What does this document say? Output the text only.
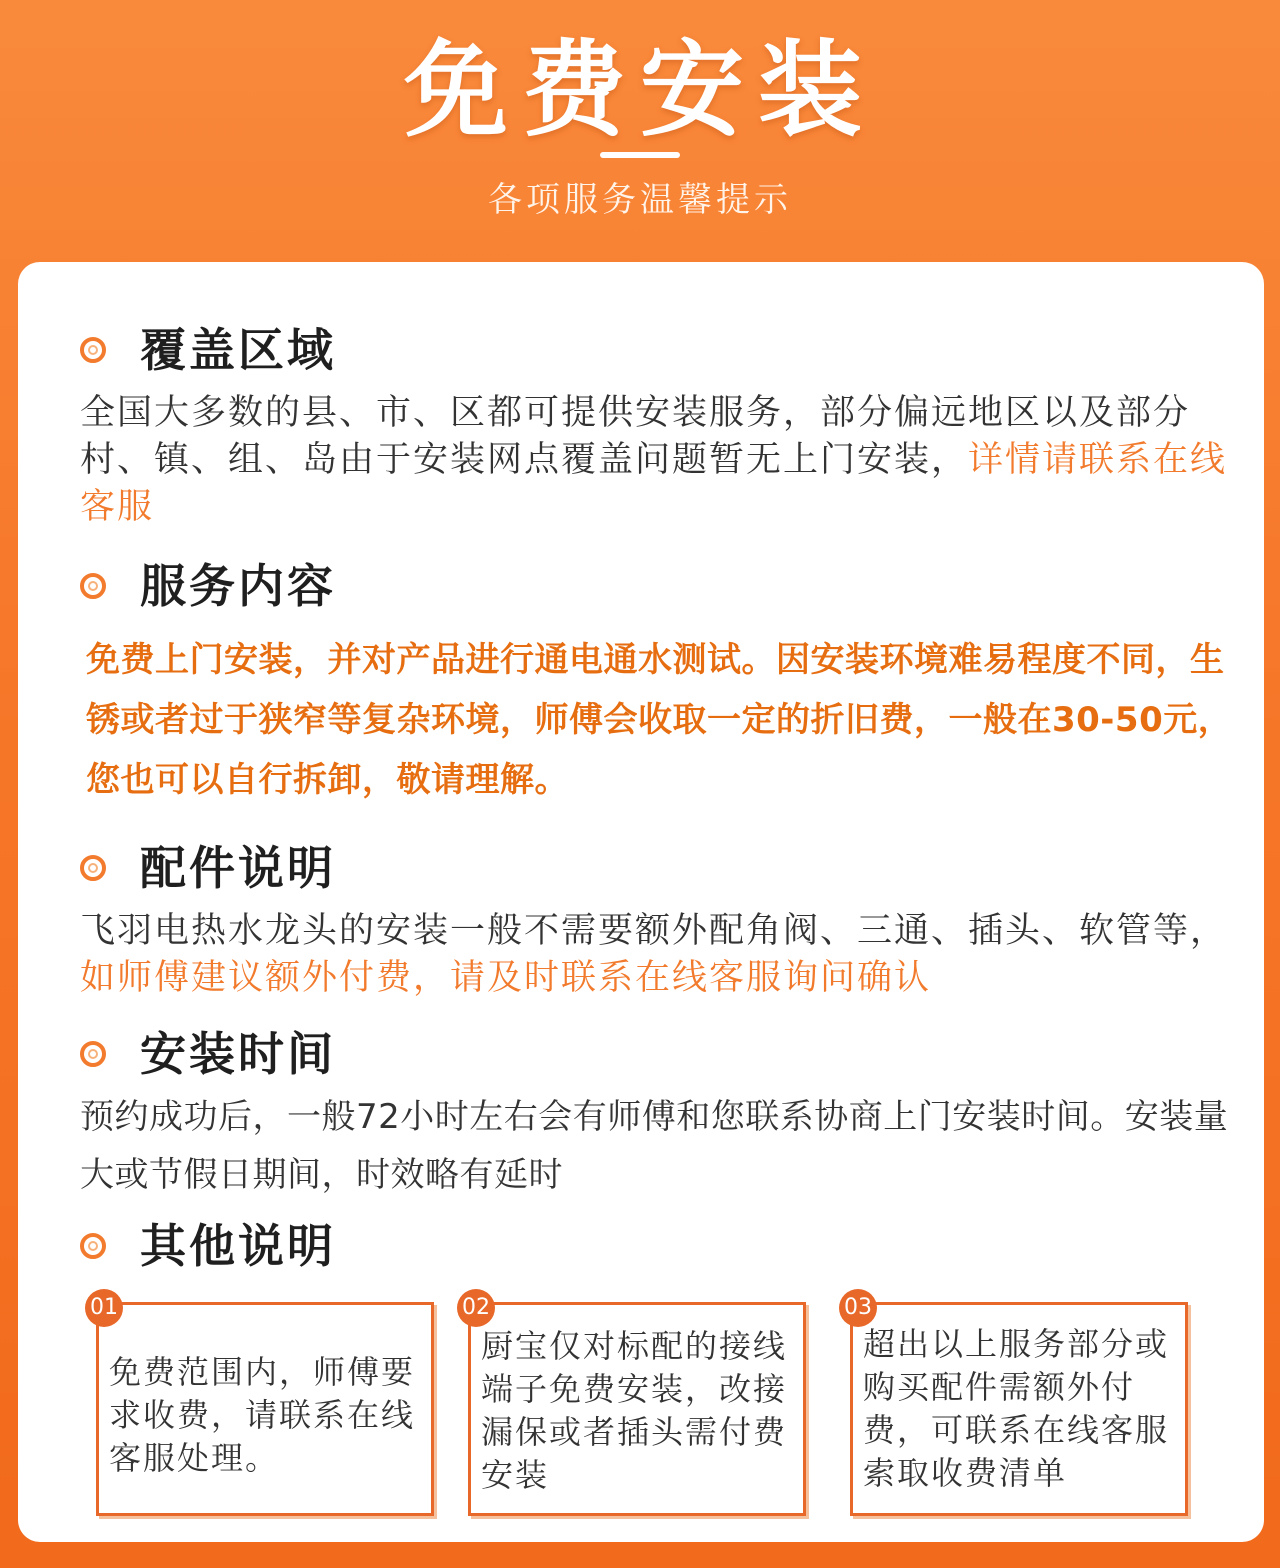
免费安装
各项服务温馨提示
覆盖区域
全国大多数的县、市、区都可提供安装服务，部分偏远地区以及部分村、镇、组、岛由于安装网点覆盖问题暂无上门安装，详情请联系在线客服
服务内容
免费上门安装，并对产品进行通电通水测试。因安装环境难易程度不同，生锈或者过于狭窄等复杂环境，师傅会收取一定的折旧费，一般在30-50元，您也可以自行拆卸，敬请理解。
配件说明
飞羽电热水龙头的安装一般不需要额外配角阀、三通、插头、软管等，如师傅建议额外付费，请及时联系在线客服询问确认
安装时间
预约成功后，一般72小时左右会有师傅和您联系协商上门安装时间。安装量大或节假日期间，时效略有延时
其他说明
01
免费范围内，师傅要求收费，请联系在线客服处理。
02
厨宝仅对标配的接线端子免费安装，改接漏保或者插头需付费安装
03
超出以上服务部分或购买配件需额外付费，可联系在线客服索取收费清单
